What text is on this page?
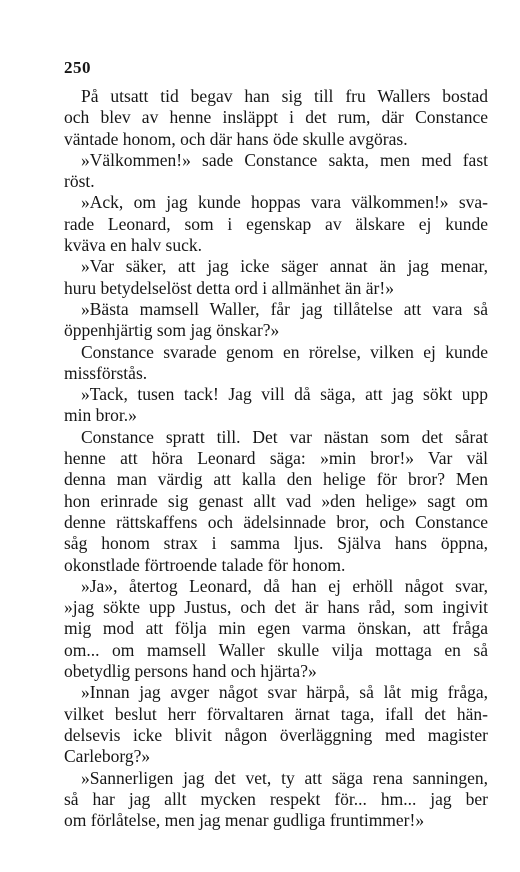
250
På utsatt tid begav han sig till fru Wallers bostad
och blev av henne insläppt i det rum, där Constance
väntade honom, och där hans öde skulle avgöras.
»Välkommen!» sade Constance sakta, men med fast
röst.
»Ack, om jag kunde hoppas vara välkommen!» sva-
rade Leonard, som i egenskap av älskare ej kunde
kväva en halv suck.
»Var säker, att jag icke säger annat än jag menar,
huru betydelselöst detta ord i allmänhet än är!»
»Bästa mamsell Waller, får jag tillåtelse att vara så
öppenhjärtig som jag önskar?»
Constance svarade genom en rörelse, vilken ej kunde
missförstås.
»Tack, tusen tack! Jag vill då säga, att jag sökt upp
min bror.»
Constance spratt till. Det var nästan som det sårat
henne att höra Leonard säga: »min bror!» Var väl
denna man värdig att kalla den helige för bror? Men
hon erinrade sig genast allt vad »den helige» sagt om
denne rättskaffens och ädelsinnade bror, och Constance
såg honom strax i samma ljus. Själva hans öppna,
okonstlade förtroende talade för honom.
»Ja», återtog Leonard, då han ej erhöll något svar,
»jag sökte upp Justus, och det är hans råd, som ingivit
mig mod att följa min egen varma önskan, att fråga
om... om mamsell Waller skulle vilja mottaga en så
obetydlig persons hand och hjärta?»
»Innan jag avger något svar härpå, så låt mig fråga,
vilket beslut herr förvaltaren ärnat taga, ifall det hän-
delsevis icke blivit någon överläggning med magister
Carleborg?»
»Sannerligen jag det vet, ty att säga rena sanningen,
så har jag allt mycken respekt för... hm... jag ber
om förlåtelse, men jag menar gudliga fruntimmer!»
